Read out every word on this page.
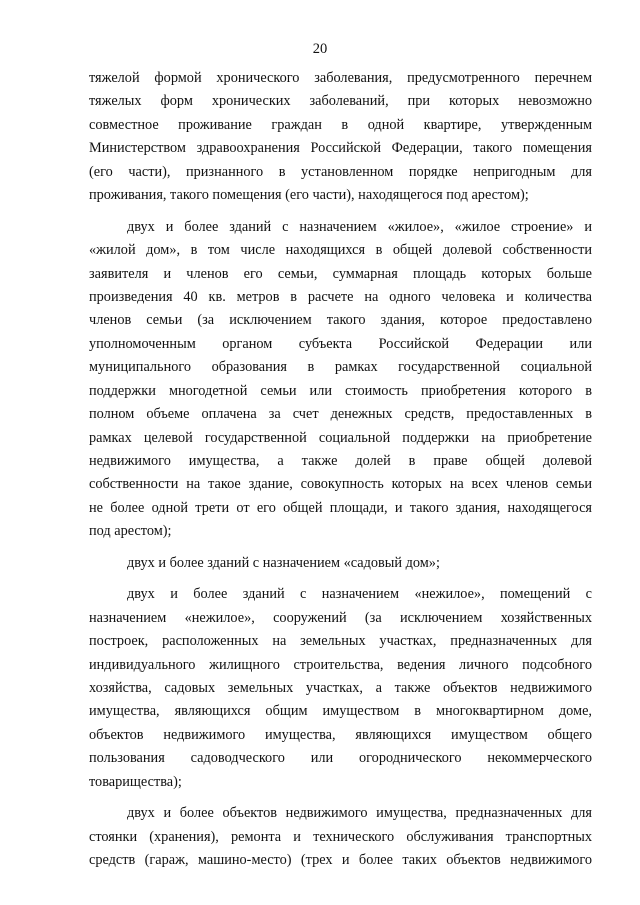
20
тяжелой формой хронического заболевания, предусмотренного перечнем
тяжелых форм хронических заболеваний, при которых невозможно
совместное проживание граждан в одной квартире, утвержденным
Министерством здравоохранения Российской Федерации, такого помещения
(его части), признанного в установленном порядке непригодным для
проживания, такого помещения (его части), находящегося под арестом);
двух и более зданий с назначением «жилое», «жилое строение» и
«жилой дом», в том числе находящихся в общей долевой собственности
заявителя и членов его семьи, суммарная площадь которых больше
произведения 40 кв. метров в расчете на одного человека и количества
членов семьи (за исключением такого здания, которое предоставлено
уполномоченным органом субъекта Российской Федерации или
муниципального образования в рамках государственной социальной
поддержки многодетной семьи или стоимость приобретения которого в
полном объеме оплачена за счет денежных средств, предоставленных в
рамках целевой государственной социальной поддержки на приобретение
недвижимого имущества, а также долей в праве общей долевой
собственности на такое здание, совокупность которых на всех членов семьи
не более одной трети от его общей площади, и такого здания, находящегося
под арестом);
двух и более зданий с назначением «садовый дом»;
двух и более зданий с назначением «нежилое», помещений с
назначением «нежилое», сооружений (за исключением хозяйственных
построек, расположенных на земельных участках, предназначенных для
индивидуального жилищного строительства, ведения личного подсобного
хозяйства, садовых земельных участках, а также объектов недвижимого
имущества, являющихся общим имуществом в многоквартирном доме,
объектов недвижимого имущества, являющихся имуществом общего
пользования садоводческого или огороднического некоммерческого
товарищества);
двух и более объектов недвижимого имущества, предназначенных для
стоянки (хранения), ремонта и технического обслуживания транспортных
средств (гараж, машино-место) (трех и более таких объектов недвижимого
